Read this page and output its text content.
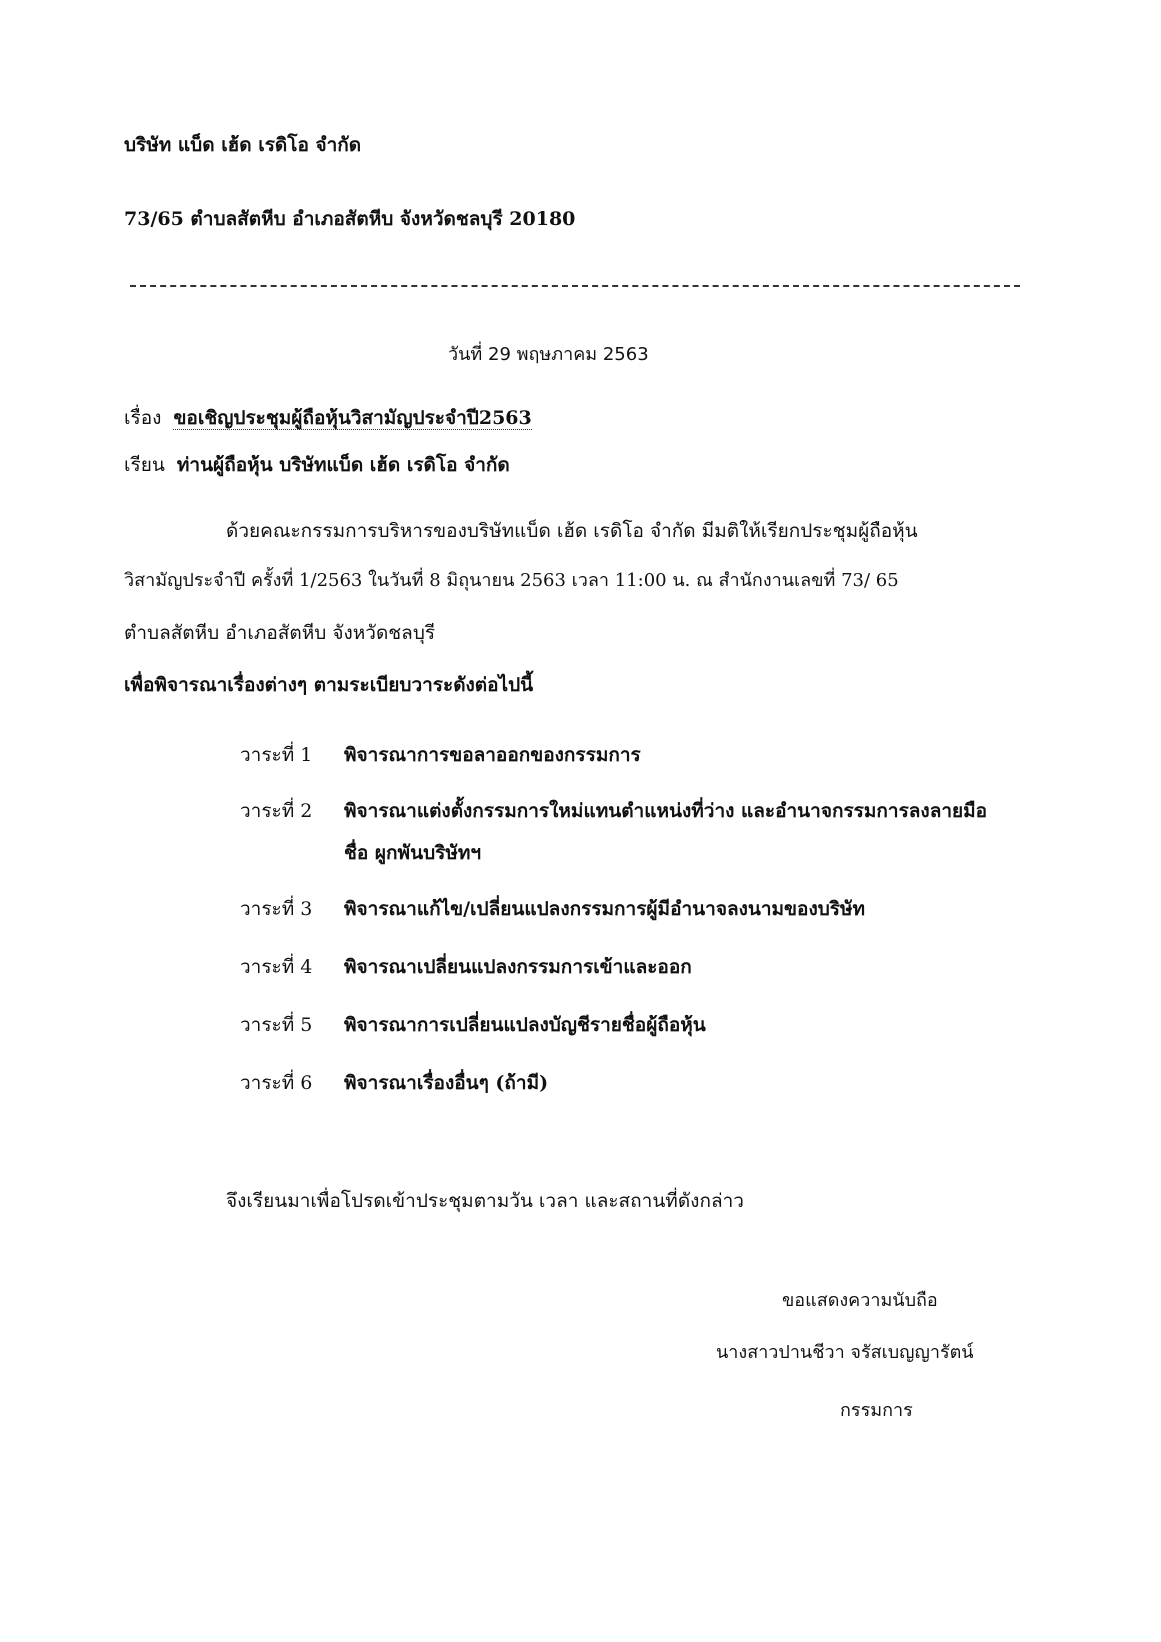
บริษัท แบ็ด เฮ้ด เรดิโอ จำกัด
73/65 ตำบลสัตหีบ อำเภอสัตหีบ จังหวัดชลบุรี 20180
วันที่ 29 พฤษภาคม 2563
เรื่อง ขอเชิญประชุมผู้ถือหุ้นวิสามัญประจำปี2563
เรียน ท่านผู้ถือหุ้น บริษัทแบ็ด เฮ้ด เรดิโอ จำกัด
ด้วยคณะกรรมการบริหารของบริษัทแบ็ด เฮ้ด เรดิโอ จำกัด มีมติให้เรียกประชุมผู้ถือหุ้น
วิสามัญประจำปี ครั้งที่ 1/2563 ในวันที่ 8 มิถุนายน 2563 เวลา 11:00 น. ณ สำนักงานเลขที่ 73/ 65
ตำบลสัตหีบ อำเภอสัตหีบ จังหวัดชลบุรี
เพื่อพิจารณาเรื่องต่างๆ ตามระเบียบวาระดังต่อไปนี้
วาระที่ 1 พิจารณาการขอลาออกของกรรมการ
วาระที่ 2 พิจารณาแต่งตั้งกรรมการใหม่แทนตำแหน่งที่ว่าง และอำนาจกรรมการลงลายมือ
ชื่อ ผูกพันบริษัทฯ
วาระที่ 3 พิจารณาแก้ไข/เปลี่ยนแปลงกรรมการผู้มีอำนาจลงนามของบริษัท
วาระที่ 4 พิจารณาเปลี่ยนแปลงกรรมการเข้าและออก
วาระที่ 5 พิจารณาการเปลี่ยนแปลงบัญชีรายชื่อผู้ถือหุ้น
วาระที่ 6 พิจารณาเรื่องอื่นๆ (ถ้ามี)
จึงเรียนมาเพื่อโปรดเข้าประชุมตามวัน เวลา และสถานที่ดังกล่าว
ขอแสดงความนับถือ
นางสาวปานชีวา จรัสเบญญารัตน์
กรรมการ
